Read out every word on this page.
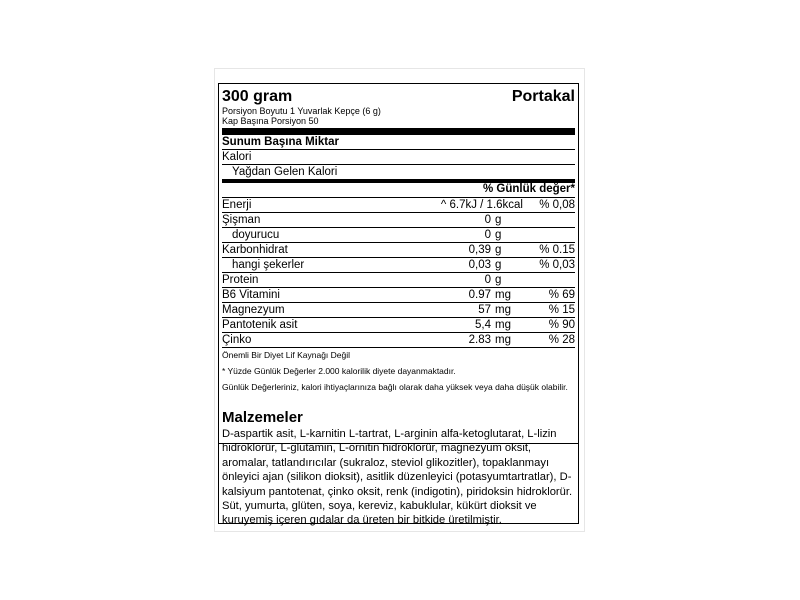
300 gram	Portakal
Porsiyon Boyutu 1 Yuvarlak Kepçe (6 g)
Kap Başına Porsiyon 50
Sunum Başına Miktar
Kalori
Yağdan Gelen Kalori
% Günlük değer*
Enerji	^ 6.7kJ / 1.6kcal	% 0,08
Şişman	0 g
doyurucu	0 g
Karbonhidrat	0,39 g	% 0.15
hangi şekerler	0,03 g	% 0,03
Protein	0 g
B6 Vitamini	0.97 mg	% 69
Magnezyum	57 mg	% 15
Pantotenik asit	5,4 mg	% 90
Çinko	2.83 mg	% 28
Önemli Bir Diyet Lif Kaynağı Değil
* Yüzde Günlük Değerler 2.000 kalorilik diyete dayanmaktadır.
Günlük Değerleriniz, kalori ihtiyaçlarınıza bağlı olarak daha yüksek veya daha düşük olabilir.
Malzemeler
D-aspartik asit, L-karnitin L-tartrat, L-arginin alfa-ketoglutarat, L-lizin hidroklorür, L-glutamin, L-ornitin hidroklorür, magnezyum oksit, aromalar, tatlandırıcılar (sukraloz, steviol glikozitler), topaklanmayı önleyici ajan (silikon dioksit), asitlik düzenleyici (potasyumtartratlar), D-kalsiyum pantotenat, çinko oksit, renk (indigotin), piridoksin hidroklorür. Süt, yumurta, glüten, soya, kereviz, kabuklular, kükürt dioksit ve kuruyemiş içeren gıdalar da üreten bir bitkide üretilmiştir.
